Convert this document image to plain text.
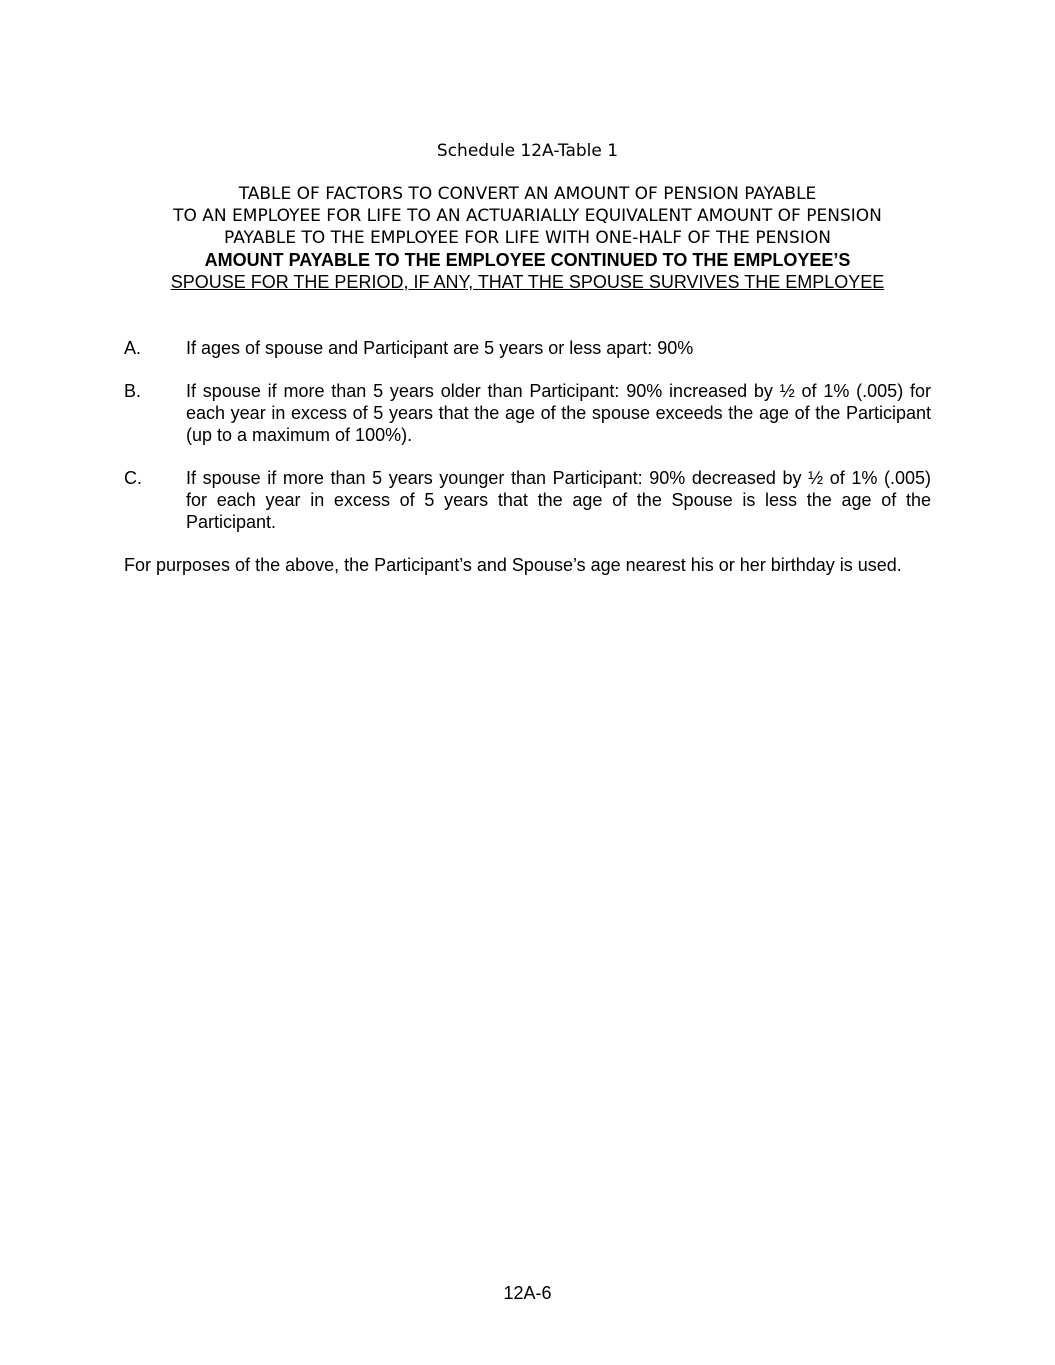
Schedule 12A-Table 1
TABLE OF FACTORS TO CONVERT AN AMOUNT OF PENSION PAYABLE
TO AN EMPLOYEE FOR LIFE TO AN ACTUARIALLY EQUIVALENT AMOUNT OF PENSION
PAYABLE TO THE EMPLOYEE FOR LIFE WITH ONE-HALF OF THE PENSION
AMOUNT PAYABLE TO THE EMPLOYEE CONTINUED TO THE EMPLOYEE’S
SPOUSE FOR THE PERIOD, IF ANY, THAT THE SPOUSE SURVIVES THE EMPLOYEE
A. If ages of spouse and Participant are 5 years or less apart: 90%
B. If spouse if more than 5 years older than Participant: 90% increased by ½ of 1% (.005) for each year in excess of 5 years that the age of the spouse exceeds the age of the Participant (up to a maximum of 100%).
C. If spouse if more than 5 years younger than Participant: 90% decreased by ½ of 1% (.005) for each year in excess of 5 years that the age of the Spouse is less the age of the Participant.
For purposes of the above, the Participant’s and Spouse’s age nearest his or her birthday is used.
12A-6
